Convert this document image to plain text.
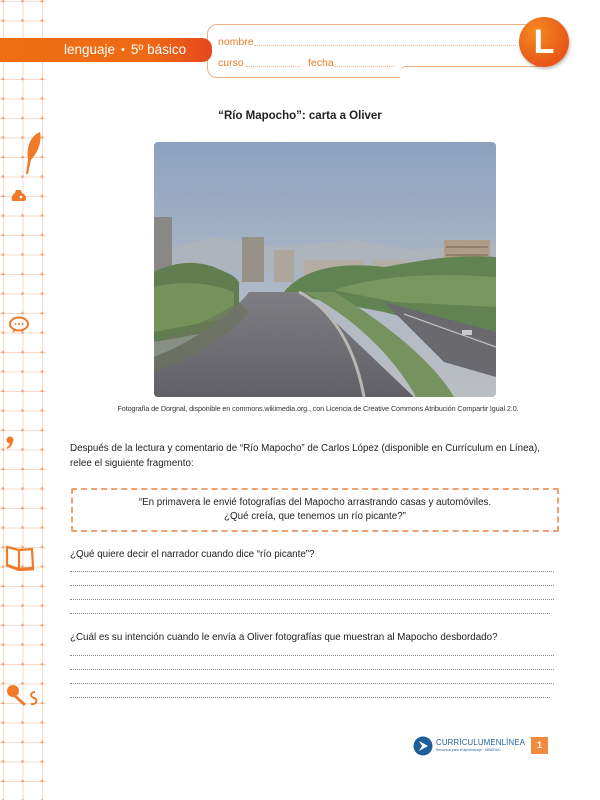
lenguaje • 5º básico	nombre
curso	fecha
L
“Río Mapocho”: carta a Oliver
Fotografía de Dorgnal, disponible en commons.wikimedia.org., con Licencia de Creative Commons Atribución Compartir Igual 2.0.
Después de la lectura y comentario de “Río Mapocho” de Carlos López (disponible en Currículum en Línea), relee el siguiente fragmento:
“En primavera le envié fotografías del Mapocho arrastrando casas y automóviles.
¿Qué creía, que tenemos un río picante?”
¿Qué quiere decir el narrador cuando dice “río picante”?
¿Cuál es su intención cuando le envía a Oliver fotografías que muestran al Mapocho desbordado?
CURRÍCULUMENLÍNEA
Recursos para el aprendizaje · MINEDUC	1
